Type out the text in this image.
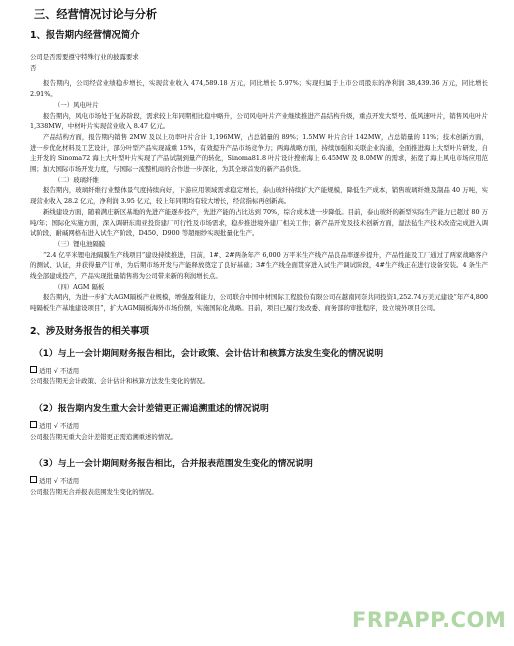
三、经营情况讨论与分析
1、报告期内经营情况简介

公司是否需要遵守特殊行业的披露要求

否

报告期内，公司经营业绩稳步增长，实现营业收入 474,589.18 万元，同比增长 5.97%；实现归属于上市公司股东的净利润 38,439.36 万元，同比增长 2.91%。

（一）风电叶片

报告期内，风电市场处于复苏阶段，需求较上年同期相比稳中略升，公司风电叶片产业继续推进产品结构升级，重点开发大型号、低风速叶片，销售风电叶片 1,338MW，中材叶片实现营业收入 8.47 亿元。

产品结构方面，报告期内销售 2MW 及以上功率叶片合计 1,196MW，占总销量的 89%；1.5MW 叶片合计 142MW，占总销量的 11%；技术创新方面，进一步优化材料及工艺设计，部分叶型产品实现减重 15%，有效提升产品市场竞争力；两海战略方面，持续加强和关联企业沟通，全面推进海上大型叶片研发，自主开发的 Sinoma72 海上大叶型叶片实现了产品试制到量产的转化，Sinoma81.8 叶片设计搜索海上 6.45MW 及 8.0MW 的需求，拓宽了海上风电市场应用范围；加大国际市场开发力度，与国际一流整机商的合作进一步深化，为其全球首发的新产品供货。

（二）玻璃纤维

报告期内，玻璃纤维行业整体景气度持续向好，下游应用领域需求稳定增长，泰山玻纤持续扩大产能规模，降低生产成本，销售玻璃纤维及制品 40 万吨，实现营业收入 28.2 亿元，净利润 3.95 亿元，较上年同期均有较大增长，经营指标再创新高。

新线建设方面，随着满庄新区基地的先进产能逐步投产，先进产能的占比达到 70%，综合成本进一步降低。目前，泰山玻纤的新型实际生产能力已超过 80 万吨/年；国际化实施方面，深入调研东南亚投资建厂可行性及市场需求，稳步推进境外建厂相关工作；新产品开发及技术创新方面，湿法毡生产技术改造完成进入调试阶段，耐碱网格布进入试生产阶段，D450、D900 等超细纱实现批量化生产。

（三）锂电池隔膜

“2.4 亿平米锂电池隔膜生产线项目”建设持续推进，目前，1#、2#两条年产 6,000 万平米生产线产品良品率逐步提升，产品性能及工厂通过了两家战略客户的测试、认证，并获得量产订单，为后期市场开发与产能释放奠定了良好基础；3#生产线全面贯穿进入试生产调试阶段，4#生产线正在进行设备安装。4 条生产线全部建成投产，产品实现批量销售将为公司带来新的利润增长点。

（四）AGM 隔板

报告期内，为进一步扩大AGM隔板产业规模，增强盈利能力，公司联合中国中材国际工程股份有限公司在越南同奈共同投资1,252.74万美元建设“年产4,800吨隔板生产基地建设项目”，扩大AGM隔板海外市场份额，实施国际化战略。目前，项目已履行发改委、商务部的审批程序，设立境外项目公司。

2、涉及财务报告的相关事项
（1）与上一会计期间财务报告相比，会计政策、会计估计和核算方法发生变化的情况说明
适用 √ 不适用

公司报告期无会计政策、会计估计和核算方法发生变化的情况。

（2）报告期内发生重大会计差错更正需追溯重述的情况说明
适用 √ 不适用

公司报告期无重大会计差错更正需追溯重述的情况。

（3）与上一会计期间财务报告相比，合并报表范围发生变化的情况说明
适用 √ 不适用

公司报告期无合并报表范围发生变化的情况。

FRPAPP.COM
